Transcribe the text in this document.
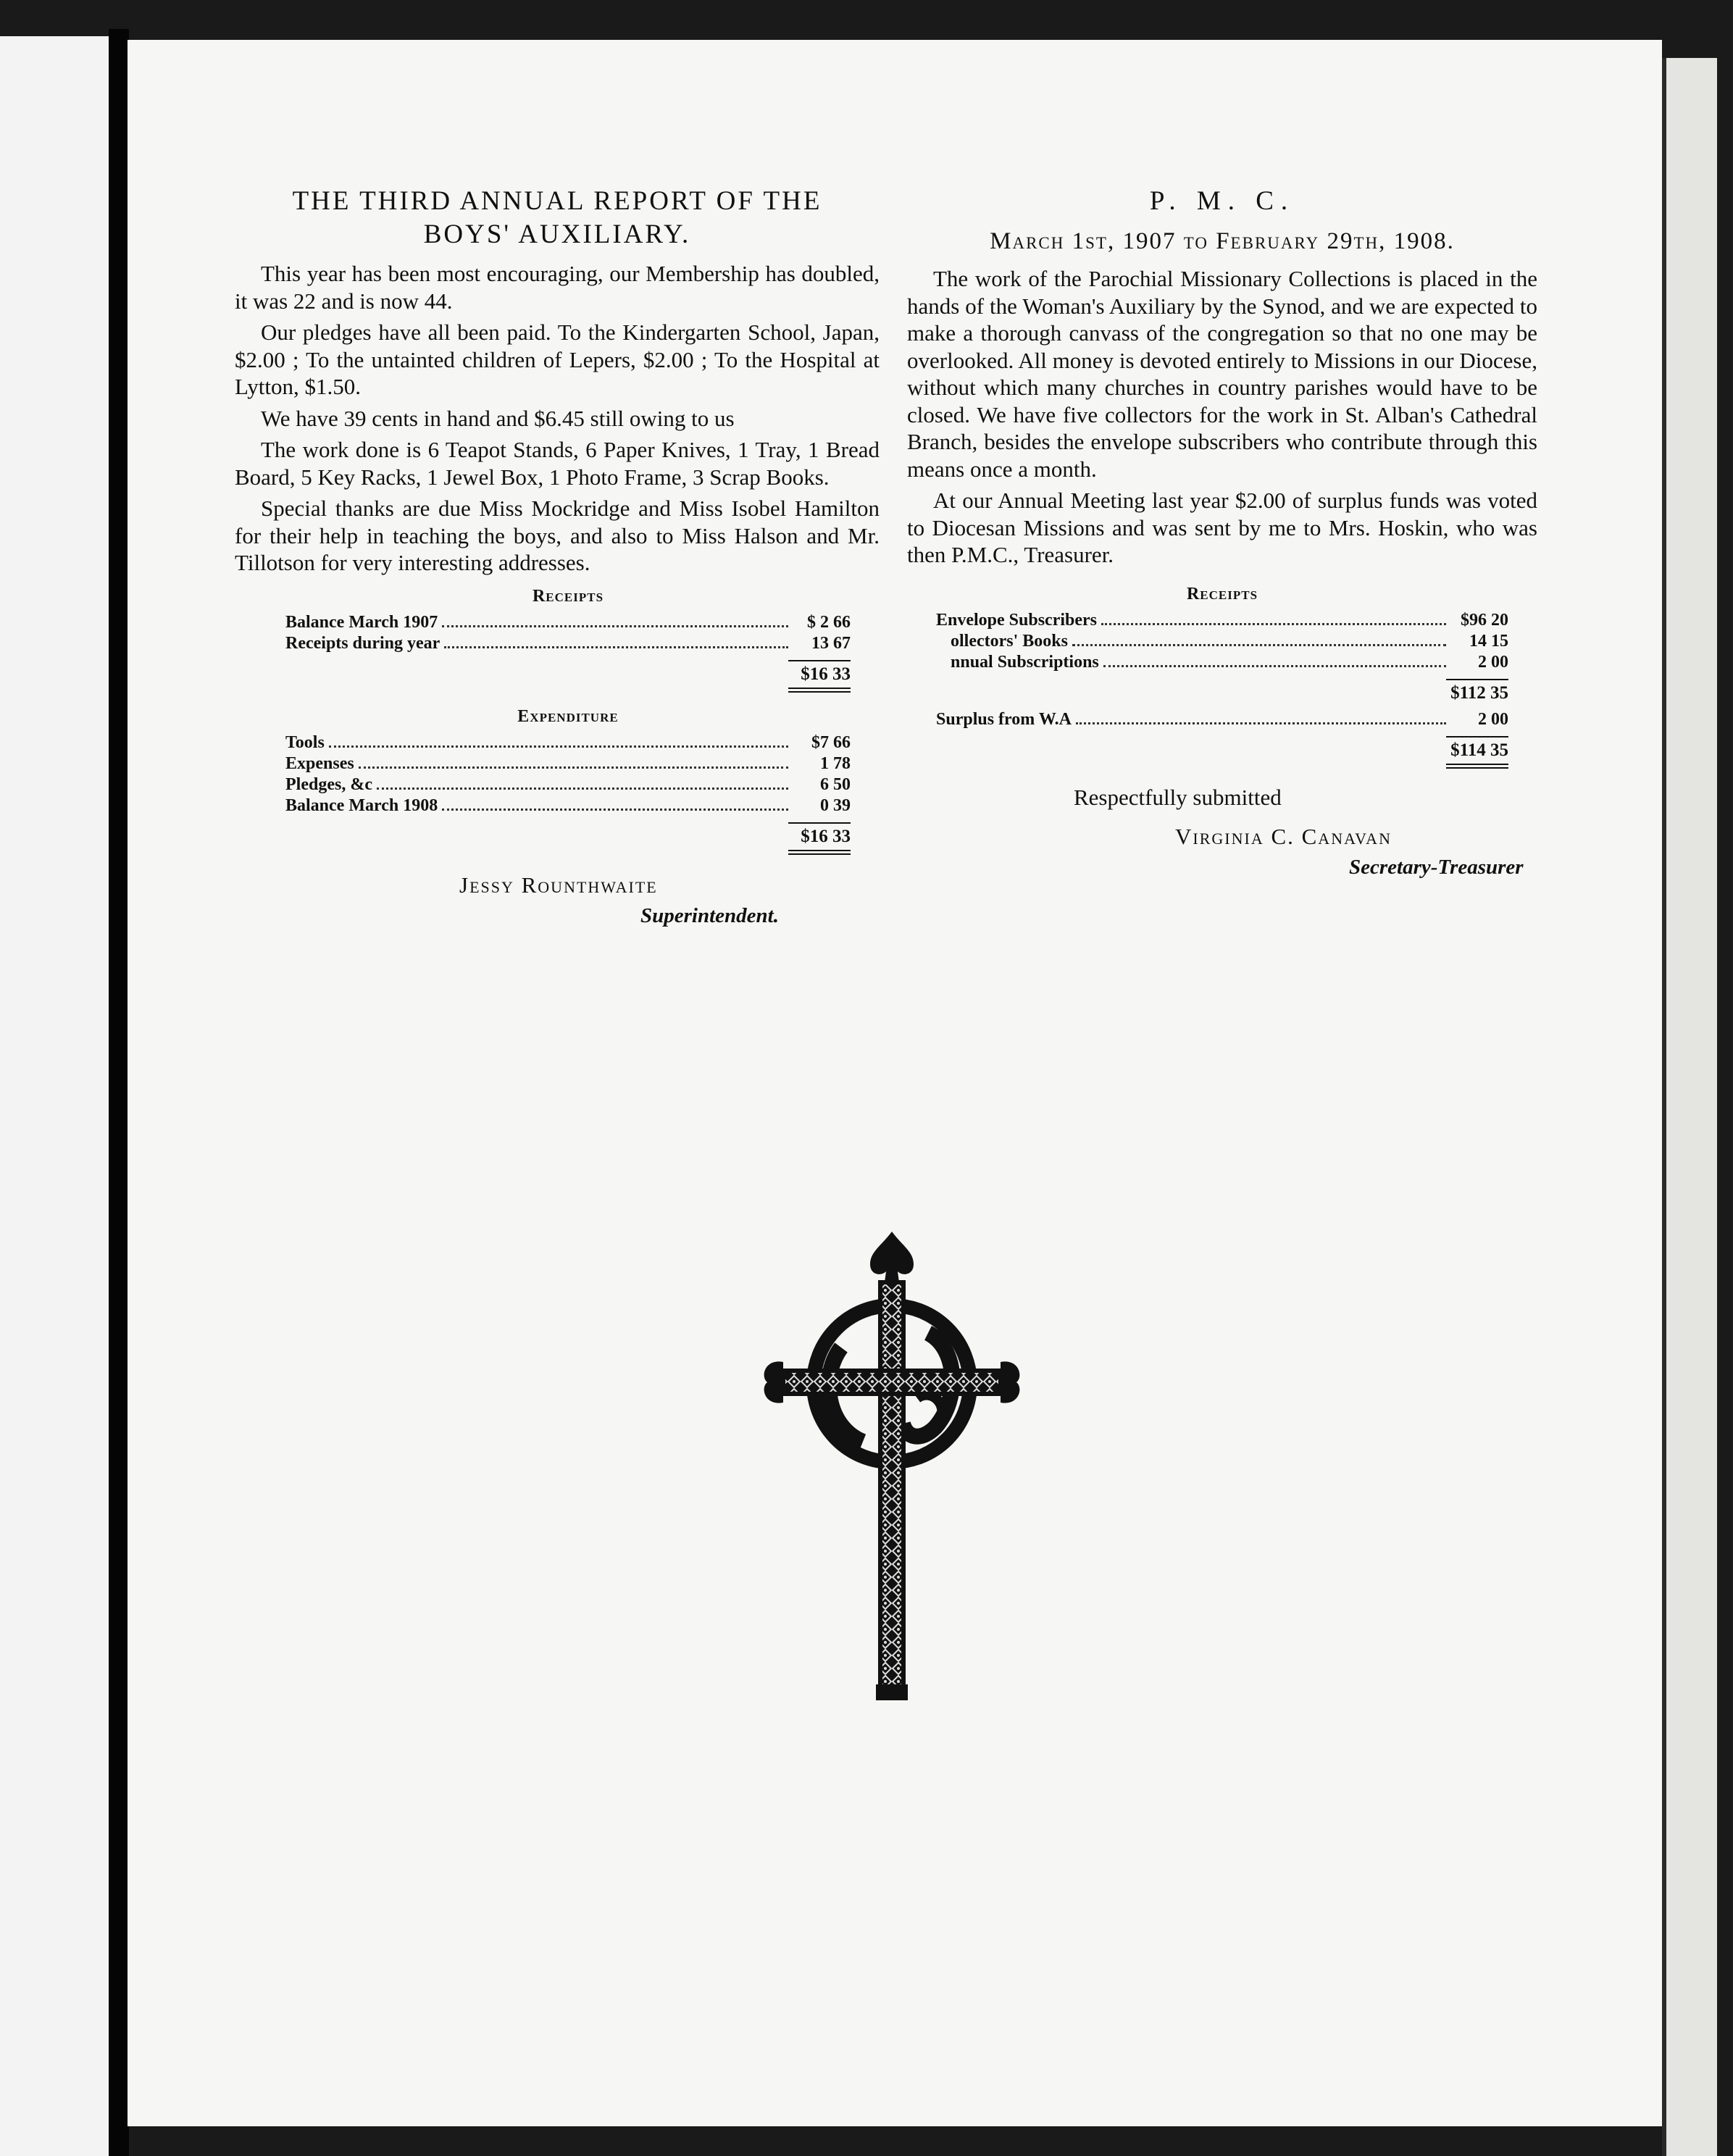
THE THIRD ANNUAL REPORT OF THE
BOYS' AUXILIARY.

This year has been most encouraging, our Membership has doubled, it was 22 and is now 44.

Our pledges have all been paid. To the Kindergarten School, Japan, $2.00 ; To the untainted children of Lepers, $2.00 ; To the Hospital at Lytton, $1.50.

We have 39 cents in hand and $6.45 still owing to us

The work done is 6 Teapot Stands, 6 Paper Knives, 1 Tray, 1 Bread Board, 5 Key Racks, 1 Jewel Box, 1 Photo Frame, 3 Scrap Books.

Special thanks are due Miss Mockridge and Miss Isobel Hamilton for their help in teaching the boys, and also to Miss Halson and Mr. Tillotson for very interesting addresses.

Receipts
Balance March 1907	$ 2 66
Receipts during year	13 67
$16 33
Expenditure
Tools	$7 66
Expenses	1 78
Pledges, &c	6 50
Balance March 1908	0 39
$16 33
Jessy Rounthwaite
Superintendent.
P. M. C.
March 1st, 1907 to February 29th, 1908.

The work of the Parochial Missionary Collections is placed in the hands of the Woman's Auxiliary by the Synod, and we are expected to make a thorough canvass of the congregation so that no one may be overlooked. All money is devoted entirely to Missions in our Diocese, without which many churches in country parishes would have to be closed. We have five collectors for the work in St. Alban's Cathedral Branch, besides the envelope subscribers who contribute through this means once a month.

At our Annual Meeting last year $2.00 of surplus funds was voted to Diocesan Missions and was sent by me to Mrs. Hoskin, who was then P.M.C., Treasurer.

Receipts
Envelope Subscribers	$96 20
ollectors' Books	14 15
nnual Subscriptions	2 00
$112 35
Surplus from W.A	2 00
$114 35
Respectfully submitted
Virginia C. Canavan
Secretary-Treasurer
